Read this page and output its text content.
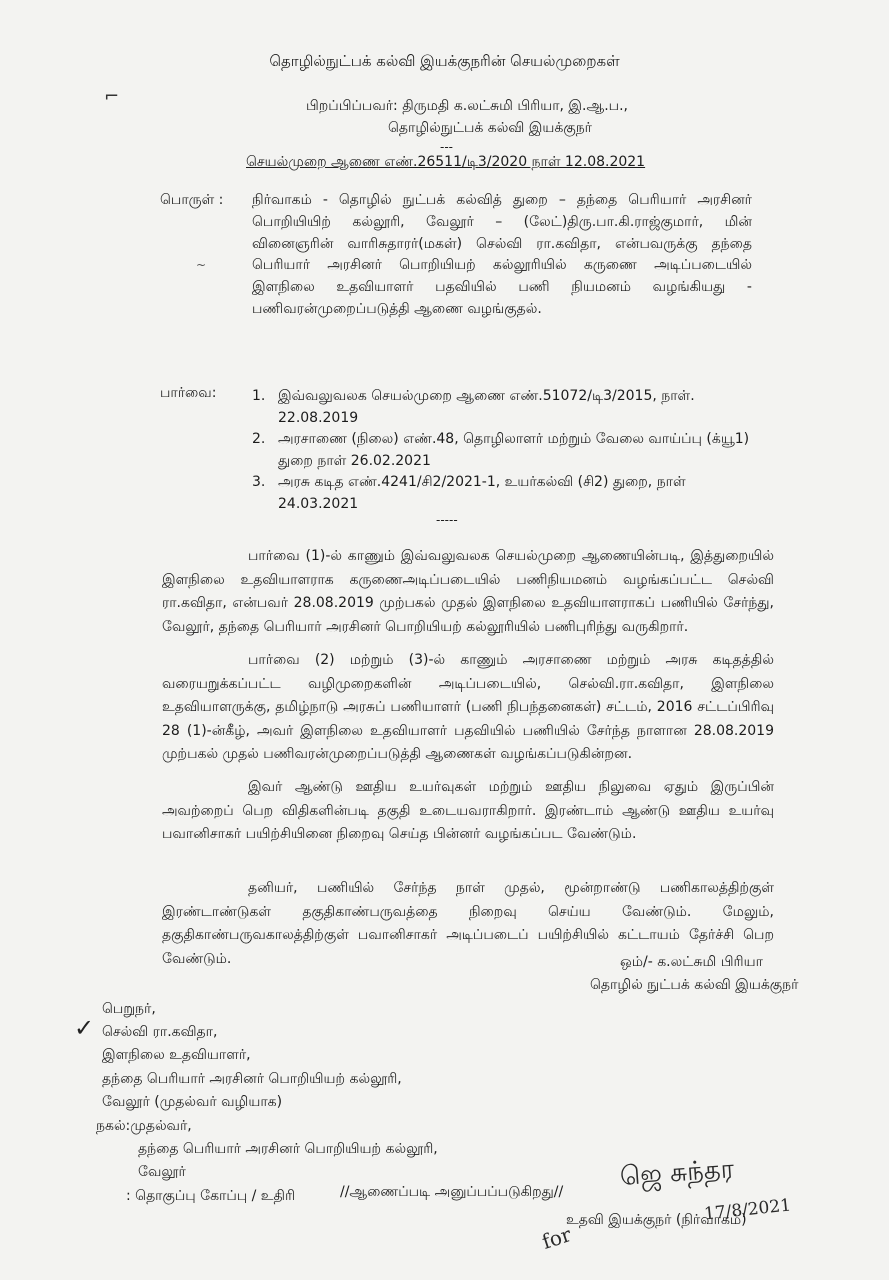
தொழில்நுட்பக் கல்வி இயக்குநரின் செயல்முறைகள்
⌐	பிறப்பிப்பவர்: திருமதி க.லட்சுமி பிரியா, இ.ஆ.ப.,
தொழில்நுட்பக் கல்வி இயக்குநர்
---
செயல்முறை ஆணை எண்.26511/டி3/2020 நாள் 12.08.2021
பொருள் : நிர்வாகம் - தொழில் நுட்பக் கல்வித் துறை – தந்தை பெரியார் அரசினர் பொறியியிற் கல்லூரி, வேலூர் – (லேட்)திரு.பா.கி.ராஜ்குமார், மின் வினைஞரின் வாரிசுதாரர்(மகள்) செல்வி ரா.கவிதா, என்பவருக்கு தந்தை பெரியார் அரசினர் பொறியியற் கல்லூரியில் கருணை அடிப்படையில் இளநிலை உதவியாளர் பதவியில் பணி நியமனம் வழங்கியது - பணிவரன்முறைப்படுத்தி ஆணை வழங்குதல்.
~
பார்வை:	1. இவ்வலுவலக செயல்முறை ஆணை எண்.51072/டி3/2015, நாள். 22.08.2019
2. அரசாணை (நிலை) எண்.48, தொழிலாளர் மற்றும் வேலை வாய்ப்பு (க்யூ1) துறை நாள் 26.02.2021
3. அரசு கடித எண்.4241/சி2/2021-1, உயர்கல்வி (சி2) துறை, நாள் 24.03.2021
-----
பார்வை (1)-ல் காணும் இவ்வலுவலக செயல்முறை ஆணையின்படி, இத்துறையில் இளநிலை உதவியாளராக கருணைஅடிப்படையில் பணிநியமனம் வழங்கப்பட்ட செல்வி ரா.கவிதா, என்பவர் 28.08.2019 முற்பகல் முதல் இளநிலை உதவியாளராகப் பணியில் சேர்ந்து, வேலூர், தந்தை பெரியார் அரசினர் பொறியியற் கல்லூரியில் பணிபுரிந்து வருகிறார்.
பார்வை (2) மற்றும் (3)-ல் காணும் அரசாணை மற்றும் அரசு கடிதத்தில் வரையறுக்கப்பட்ட வழிமுறைகளின் அடிப்படையில், செல்வி.ரா.கவிதா, இளநிலை உதவியாளருக்கு, தமிழ்நாடு அரசுப் பணியாளர் (பணி நிபந்தனைகள்) சட்டம், 2016 சட்டப்பிரிவு 28 (1)-ன்கீழ், அவர் இளநிலை உதவியாளர் பதவியில் பணியில் சேர்ந்த நாளான 28.08.2019 முற்பகல் முதல் பணிவரன்முறைப்படுத்தி ஆணைகள் வழங்கப்படுகின்றன.
இவர் ஆண்டு ஊதிய உயர்வுகள் மற்றும் ஊதிய நிலுவை ஏதும் இருப்பின் அவற்றைப் பெற விதிகளின்படி தகுதி உடையவராகிறார். இரண்டாம் ஆண்டு ஊதிய உயர்வு பவானிசாகர் பயிற்சியினை நிறைவு செய்த பின்னர் வழங்கப்பட வேண்டும்.
தனியர், பணியில் சேர்ந்த நாள் முதல், மூன்றாண்டு பணிகாலத்திற்குள் இரண்டாண்டுகள் தகுதிகாண்பருவத்தை நிறைவு செய்ய வேண்டும். மேலும், தகுதிகாண்பருவகாலத்திற்குள் பவானிசாகர் அடிப்படைப் பயிற்சியில் கட்டாயம் தேர்ச்சி பெற வேண்டும்.	ஒம்/- க.லட்சுமி பிரியா
தொழில் நுட்பக் கல்வி இயக்குநர்
பெறுநர்,
✓ செல்வி ரா.கவிதா,
இளநிலை உதவியாளர்,
தந்தை பெரியார் அரசினர் பொறியியற் கல்லூரி,
வேலூர் (முதல்வர் வழியாக)
நகல்:முதல்வர்,
தந்தை பெரியார் அரசினர் பொறியியற் கல்லூரி,
வேலூர்
: தொகுப்பு கோப்பு / உதிரி
ஜெ சுந்தர
17/8/2021
//ஆணைப்படி அனுப்பப்படுகிறது//
for
உதவி இயக்குநர் (நிர்வாகம்)
